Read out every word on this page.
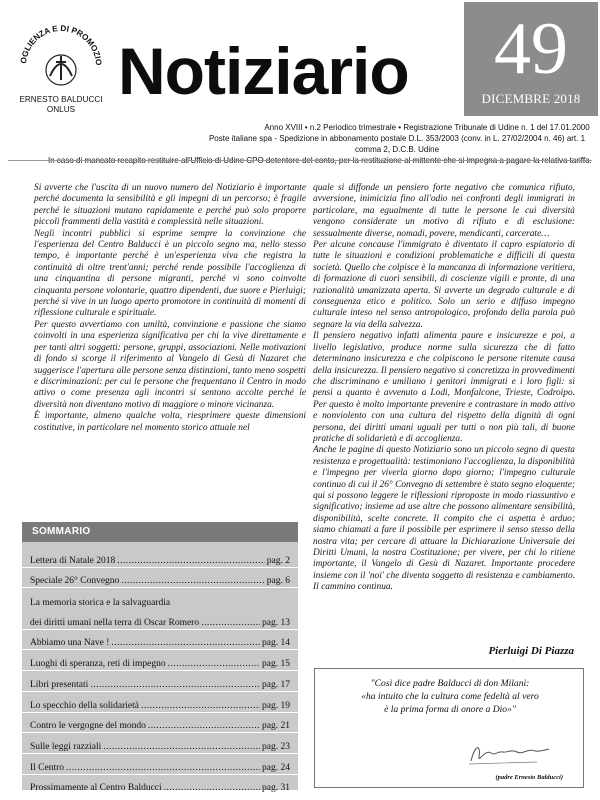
OGLIENZA E DI PROMOZIO
ERNESTO BALDUCCI
ONLUS
Notiziario	49
DICEMBRE 2018
Anno XVIII • n.2 Periodico trimestrale • Registrazione Tribunale di Udine n. 1 del 17.01.2000
Poste italiane spa - Spedizione in abbonamento postale D.L. 353/2003 (conv. in L. 27/02/2004 n. 46) art. 1 comma 2, D.C.B. Udine
In caso di mancato recapito restituire all'Ufficio di Udine CPO detentore del conto, per la restituzione al mittente che si impegna a pagare la relativa tariffa.

Si avverte che l'uscita di un nuovo numero del Notiziario è importante perché documenta la sensibilità e gli impegni di un percorso; è fragile perché le situazioni mutano rapidamente e perché può solo proporre piccoli frammenti della vastità e complessità nelle situazioni.

Negli incontri pubblici si esprime sempre la convinzione che l'esperienza del Centro Balducci è un piccolo segno ma, nello stesso tempo, è importante perché è un'esperienza viva che registra la continuità di oltre trent'anni; perché rende possibile l'accoglienza di una cinquantina di persone migranti, perché vi sono coinvolte cinquanta persone volontarie, quattro dipendenti, due suore e Pierluigi; perché si vive in un luogo aperto promotore in continuità di momenti di riflessione culturale e spirituale.

Per questo avvertiamo con umiltà, convinzione e passione che siamo coinvolti in una esperienza significativa per chi la vive direttamente e per tanti altri soggetti: persone, gruppi, associazioni. Nelle motivazioni di fondo si scorge il riferimento al Vangelo di Gesù di Nazaret che suggerisce l'apertura alle persone senza distinzioni, tanto meno sospetti e discriminazioni: per cui le persone che frequentano il Centro in modo attivo o come presenza agli incontri si sentono accolte perché le diversità non diventano motivo di maggiore o minore vicinanza.

È importante, almeno qualche volta, riesprimere queste dimensioni costitutive, in particolare nel momento storico attuale nel

quale si diffonde un pensiero forte negativo che comunica rifiuto, avversione, inimicizia fino all'odio nei confronti degli immigrati in particolare, ma egualmente di tutte le persone le cui diversità vengono considerate un motivo di rifiuto e di esclusione: sessualmente diverse, nomadi, povere, mendicanti, carcerate…

Per alcune concause l'immigrato è diventato il capro espiatorio di tutte le situazioni e condizioni problematiche e difficili di questa società. Quello che colpisce è la mancanza di informazione veritiera, di formazione di cuori sensibili, di coscienze vigili e pronte, di una razionalità umanizzata aperta. Si avverte un degrado culturale e di conseguenza etico e politico. Solo un serio e diffuso impegno culturale inteso nel senso antropologico, profondo della parola può segnare la via della salvezza.

Il pensiero negativo infatti alimenta paure e insicurezze e poi, a livello legislativo, produce norme sulla sicurezza che di fatto determinano insicurezza e che colpiscono le persone ritenute causa della insicurezza. Il pensiero negativo si concretizza in provvedimenti che discriminano e umiliano i genitori immigrati e i loro figli: si pensi a quanto è avvenuto a Lodi, Monfalcone, Trieste, Codroipo. Per questo è molto importante prevenire e contrastare in modo attivo e nonviolento con una cultura del rispetto della dignità di ogni persona, dei diritti umani uguali per tutti o non più tali, di buone pratiche di solidarietà e di accoglienza.

Anche le pagine di questo Notiziario sono un piccolo segno di questa resistenza e progettualità: testimoniano l'accoglienza, la disponibilità e l'impegno per viverla giorno dopo giorno; l'impegno culturale continuo di cui il 26° Convegno di settembre è stato segno eloquente; qui si possono leggere le riflessioni riproposte in modo riassuntivo e significativo; insieme ad use altre che possono alimentare sensibilità, disponibilità, scelte concrete. Il compito che ci aspetta è arduo; siamo chiamati a fare il possibile per esprimere il senso stesso della nostra vita; per cercare di attuare la Dichiarazione Universale dei Diritti Umani, la nostra Costituzione; per vivere, per chi lo ritiene importante, il Vangelo di Gesù di Nazaret. Importante procedere insieme con il 'noi' che diventa soggetto di resistenza e cambiamento. Il cammino continua.

Pierluigi Di Piazza
SOMMARIO
Lettera di Natale 2018 .....	pag. 2
Speciale 26° Convegno .....	pag. 6
La memoria storica e la salvaguardia
dei diritti umani nella terra di Oscar Romero .....	pag. 13
Abbiamo una Nave ! .....	pag. 14
Luoghi di speranza, reti di impegno .....	pag. 15
Libri presentati .....	pag. 17
Lo specchio della solidarietà .....	pag. 19
Contro le vergogne del mondo .....	pag. 21
Sulle leggi razziali .....	pag. 23
Il Centro .....	pag. 24
Prossimamente al Centro Balducci .....	pag. 31
"Così dice padre Balducci di don Milani:
«ha intuito che la cultura come fedeltà al vero
è la prima forma di onore a Dio»"
(padre Ernesto Balducci)
